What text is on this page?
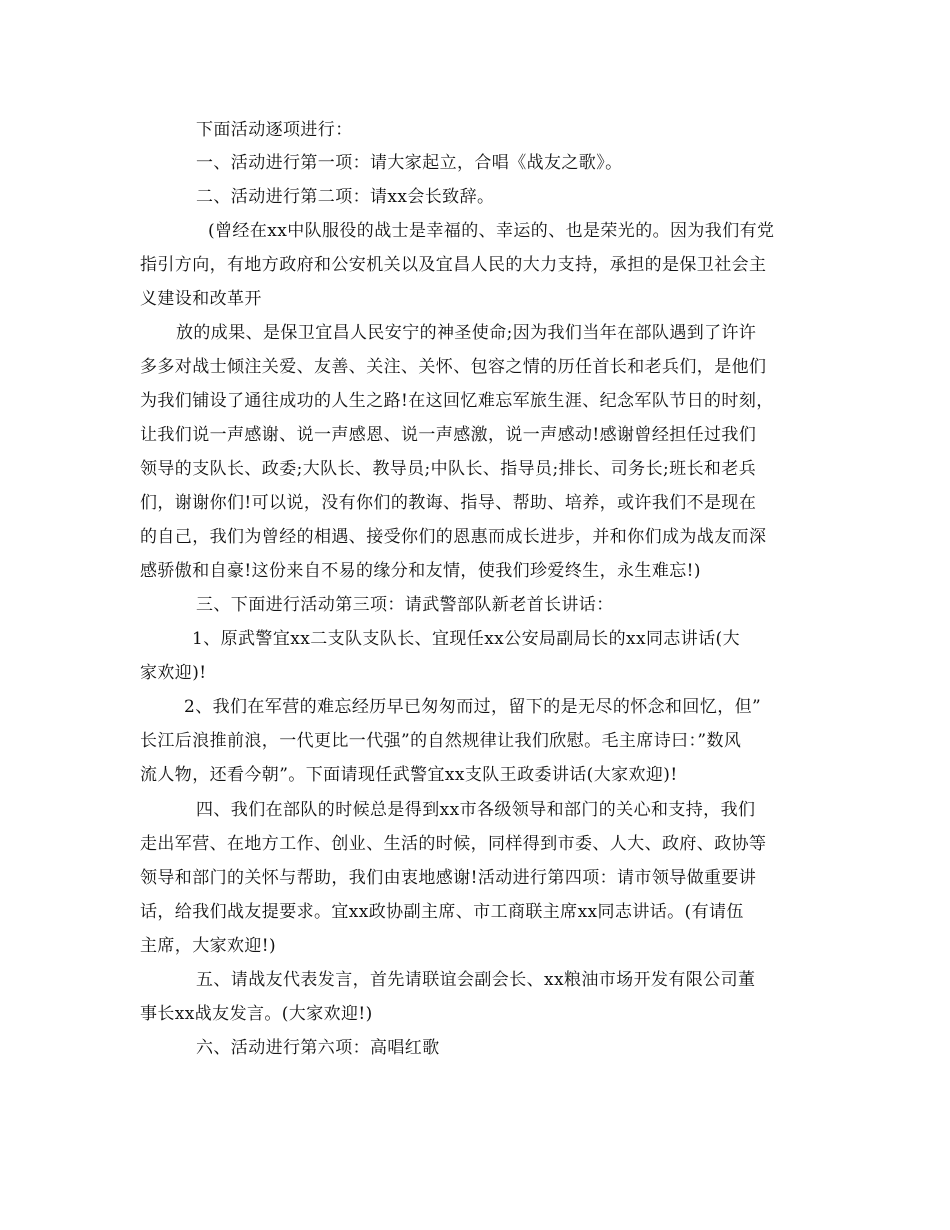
下面活动逐项进行：
一、活动进行第一项：请大家起立，合唱《战友之歌》。
二、活动进行第二项：请xx会长致辞。
(曾经在xx中队服役的战士是幸福的、幸运的、也是荣光的。因为我们有党
指引方向，有地方政府和公安机关以及宜昌人民的大力支持，承担的是保卫社会主
义建设和改革开
放的成果、是保卫宜昌人民安宁的神圣使命;因为我们当年在部队遇到了许许
多多对战士倾注关爱、友善、关注、关怀、包容之情的历任首长和老兵们，是他们
为我们铺设了通往成功的人生之路!在这回忆难忘军旅生涯、纪念军队节日的时刻，
让我们说一声感谢、说一声感恩、说一声感激，说一声感动!感谢曾经担任过我们
领导的支队长、政委;大队长、教导员;中队长、指导员;排长、司务长;班长和老兵
们，谢谢你们!可以说，没有你们的教诲、指导、帮助、培养，或许我们不是现在
的自己，我们为曾经的相遇、接受你们的恩惠而成长进步，并和你们成为战友而深
感骄傲和自豪!这份来自不易的缘分和友情，使我们珍爱终生，永生难忘!)
三、下面进行活动第三项：请武警部队新老首长讲话：
1、原武警宜xx二支队支队长、宜现任xx公安局副局长的xx同志讲话(大
家欢迎)!
2、我们在军营的难忘经历早已匆匆而过，留下的是无尽的怀念和回忆，但”
长江后浪推前浪，一代更比一代强”的自然规律让我们欣慰。毛主席诗曰：”数风
流人物，还看今朝”。下面请现任武警宜xx支队王政委讲话(大家欢迎)!
四、我们在部队的时候总是得到xx市各级领导和部门的关心和支持，我们
走出军营、在地方工作、创业、生活的时候，同样得到市委、人大、政府、政协等
领导和部门的关怀与帮助，我们由衷地感谢!活动进行第四项：请市领导做重要讲
话，给我们战友提要求。宜xx政协副主席、市工商联主席xx同志讲话。(有请伍
主席，大家欢迎!)
五、请战友代表发言，首先请联谊会副会长、xx粮油市场开发有限公司董
事长xx战友发言。(大家欢迎!)
六、活动进行第六项：高唱红歌
